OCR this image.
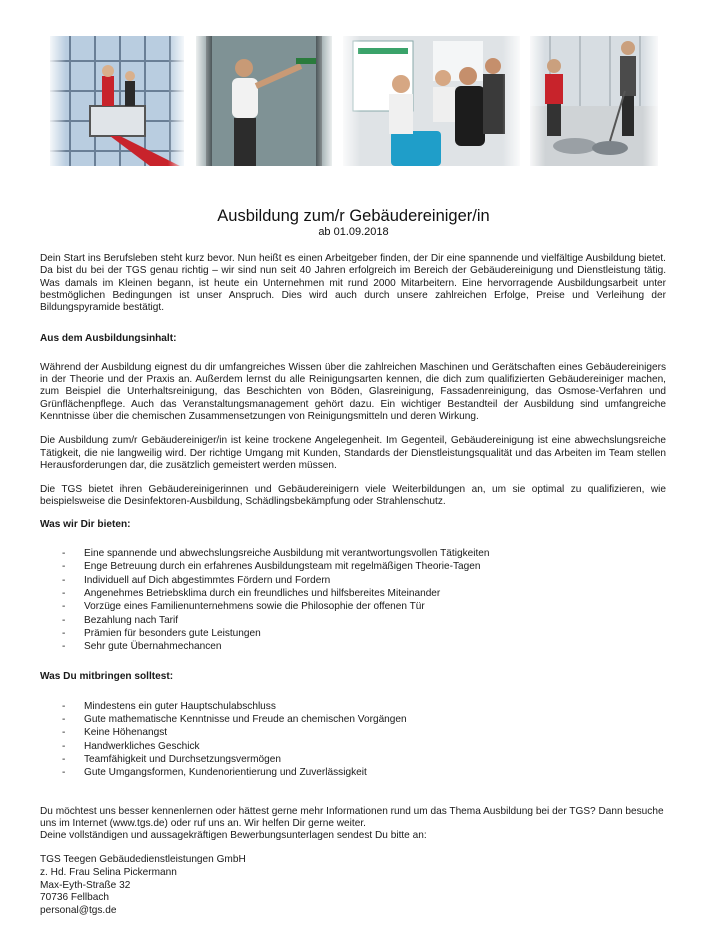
Ausbildung zum/r Gebäudereiniger/in

ab 01.09.2018

Dein Start ins Berufsleben steht kurz bevor. Nun heißt es einen Arbeitgeber finden, der Dir eine spannende und vielfältige Ausbildung bietet. Da bist du bei der TGS genau richtig – wir sind nun seit 40 Jahren erfolgreich im Bereich der Gebäudereinigung und Dienstleistung tätig. Was damals im Kleinen begann, ist heute ein Unternehmen mit rund 2000 Mitarbeitern. Eine hervorragende Ausbildungsarbeit unter bestmöglichen Bedingungen ist unser Anspruch. Dies wird auch durch unsere zahlreichen Erfolge, Preise und Verleihung der Bildungspyramide bestätigt.

Aus dem Ausbildungsinhalt:

Während der Ausbildung eignest du dir umfangreiches Wissen über die zahlreichen Maschinen und Gerätschaften eines Gebäudereinigers in der Theorie und der Praxis an. Außerdem lernst du alle Reinigungsarten kennen, die dich zum qualifizierten Gebäudereiniger machen, zum Beispiel die Unterhaltsreinigung, das Beschichten von Böden, Glasreinigung, Fassadenreinigung, das Osmose-Verfahren und Grünflächenpflege. Auch das Veranstaltungsmanagement gehört dazu. Ein wichtiger Bestandteil der Ausbildung sind umfangreiche Kenntnisse über die chemischen Zusammensetzungen von Reinigungsmitteln und deren Wirkung.

Die Ausbildung zum/r Gebäudereiniger/in ist keine trockene Angelegenheit. Im Gegenteil, Gebäudereinigung ist eine abwechslungsreiche Tätigkeit, die nie langweilig wird. Der richtige Umgang mit Kunden, Standards der Dienstleistungsqualität und das Arbeiten im Team stellen Herausforderungen dar, die zusätzlich gemeistert werden müssen.

Die TGS bietet ihren Gebäudereinigerinnen und Gebäudereinigern viele Weiterbildungen an, um sie optimal zu qualifizieren, wie beispielsweise die Desinfektoren-Ausbildung, Schädlingsbekämpfung oder Strahlenschutz.

Was wir Dir bieten:

- Eine spannende und abwechslungsreiche Ausbildung mit verantwortungsvollen Tätigkeiten
- Enge Betreuung durch ein erfahrenes Ausbildungsteam mit regelmäßigen Theorie-Tagen
- Individuell auf Dich abgestimmtes Fördern und Fordern
- Angenehmes Betriebsklima durch ein freundliches und hilfsbereites Miteinander
- Vorzüge eines Familienunternehmens sowie die Philosophie der offenen Tür
- Bezahlung nach Tarif
- Prämien für besonders gute Leistungen
- Sehr gute Übernahmechancen

Was Du mitbringen solltest:

- Mindestens ein guter Hauptschulabschluss
- Gute mathematische Kenntnisse und Freude an chemischen Vorgängen
- Keine Höhenangst
- Handwerkliches Geschick
- Teamfähigkeit und Durchsetzungsvermögen
- Gute Umgangsformen, Kundenorientierung und Zuverlässigkeit

Du möchtest uns besser kennenlernen oder hättest gerne mehr Informationen rund um das Thema Ausbildung bei der TGS? Dann besuche uns im Internet (www.tgs.de) oder ruf uns an. Wir helfen Dir gerne weiter.

Deine vollständigen und aussagekräftigen Bewerbungsunterlagen sendest Du bitte an:

TGS Teegen Gebäudedienstleistungen GmbH

z. Hd. Frau Selina Pickermann

Max-Eyth-Straße 32

70736 Fellbach

personal@tgs.de
